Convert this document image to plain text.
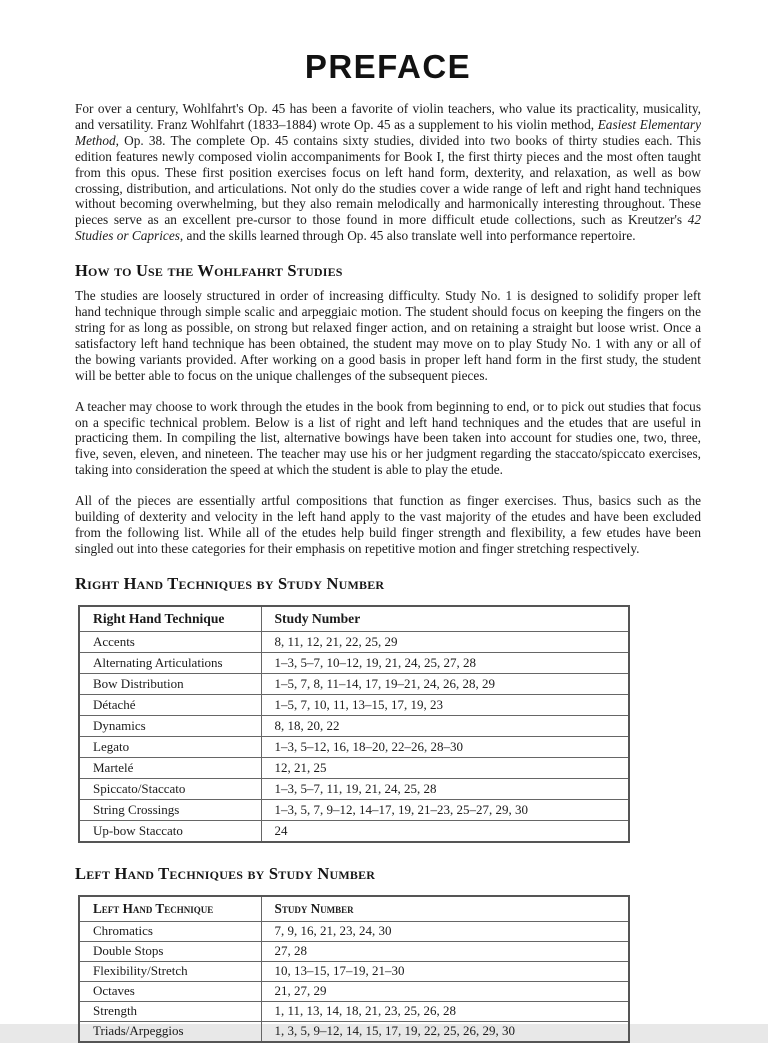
PREFACE

For over a century, Wohlfahrt's Op. 45 has been a favorite of violin teachers, who value its practicality, musicality, and versatility. Franz Wohlfahrt (1833–1884) wrote Op. 45 as a supplement to his violin method, Easiest Elementary Method, Op. 38. The complete Op. 45 contains sixty studies, divided into two books of thirty studies each. This edition features newly composed violin accompaniments for Book I, the first thirty pieces and the most often taught from this opus. These first position exercises focus on left hand form, dexterity, and relaxation, as well as bow crossing, distribution, and articulations. Not only do the studies cover a wide range of left and right hand techniques without becoming overwhelming, but they also remain melodically and harmonically interesting throughout. These pieces serve as an excellent pre-cursor to those found in more difficult etude collections, such as Kreutzer's 42 Studies or Caprices, and the skills learned through Op. 45 also translate well into performance repertoire.

How to Use the Wohlfahrt Studies

The studies are loosely structured in order of increasing difficulty. Study No. 1 is designed to solidify proper left hand technique through simple scalic and arpeggiaic motion. The student should focus on keeping the fingers on the string for as long as possible, on strong but relaxed finger action, and on retaining a straight but loose wrist. Once a satisfactory left hand technique has been obtained, the student may move on to play Study No. 1 with any or all of the bowing variants provided. After working on a good basis in proper left hand form in the first study, the student will be better able to focus on the unique challenges of the subsequent pieces.

A teacher may choose to work through the etudes in the book from beginning to end, or to pick out studies that focus on a specific technical problem. Below is a list of right and left hand techniques and the etudes that are useful in practicing them. In compiling the list, alternative bowings have been taken into account for studies one, two, three, five, seven, eleven, and nineteen. The teacher may use his or her judgment regarding the staccato/spiccato exercises, taking into consideration the speed at which the student is able to play the etude.

All of the pieces are essentially artful compositions that function as finger exercises. Thus, basics such as the building of dexterity and velocity in the left hand apply to the vast majority of the etudes and have been excluded from the following list. While all of the etudes help build finger strength and flexibility, a few etudes have been singled out into these categories for their emphasis on repetitive motion and finger stretching respectively.

Right Hand Techniques by Study Number
Right Hand Technique	Study Number
Accents	8, 11, 12, 21, 22, 25, 29
Alternating Articulations	1–3, 5–7, 10–12, 19, 21, 24, 25, 27, 28
Bow Distribution	1–5, 7, 8, 11–14, 17, 19–21, 24, 26, 28, 29
Détaché	1–5, 7, 10, 11, 13–15, 17, 19, 23
Dynamics	8, 18, 20, 22
Legato	1–3, 5–12, 16, 18–20, 22–26, 28–30
Martelé	12, 21, 25
Spiccato/Staccato	1–3, 5–7, 11, 19, 21, 24, 25, 28
String Crossings	1–3, 5, 7, 9–12, 14–17, 19, 21–23, 25–27, 29, 30
Up-bow Staccato	24
Left Hand Techniques by Study Number
Left Hand Technique	Study Number
Chromatics	7, 9, 16, 21, 23, 24, 30
Double Stops	27, 28
Flexibility/Stretch	10, 13–15, 17–19, 21–30
Octaves	21, 27, 29
Strength	1, 11, 13, 14, 18, 21, 23, 25, 26, 28
Triads/Arpeggios	1, 3, 5, 9–12, 14, 15, 17, 19, 22, 25, 26, 29, 30
